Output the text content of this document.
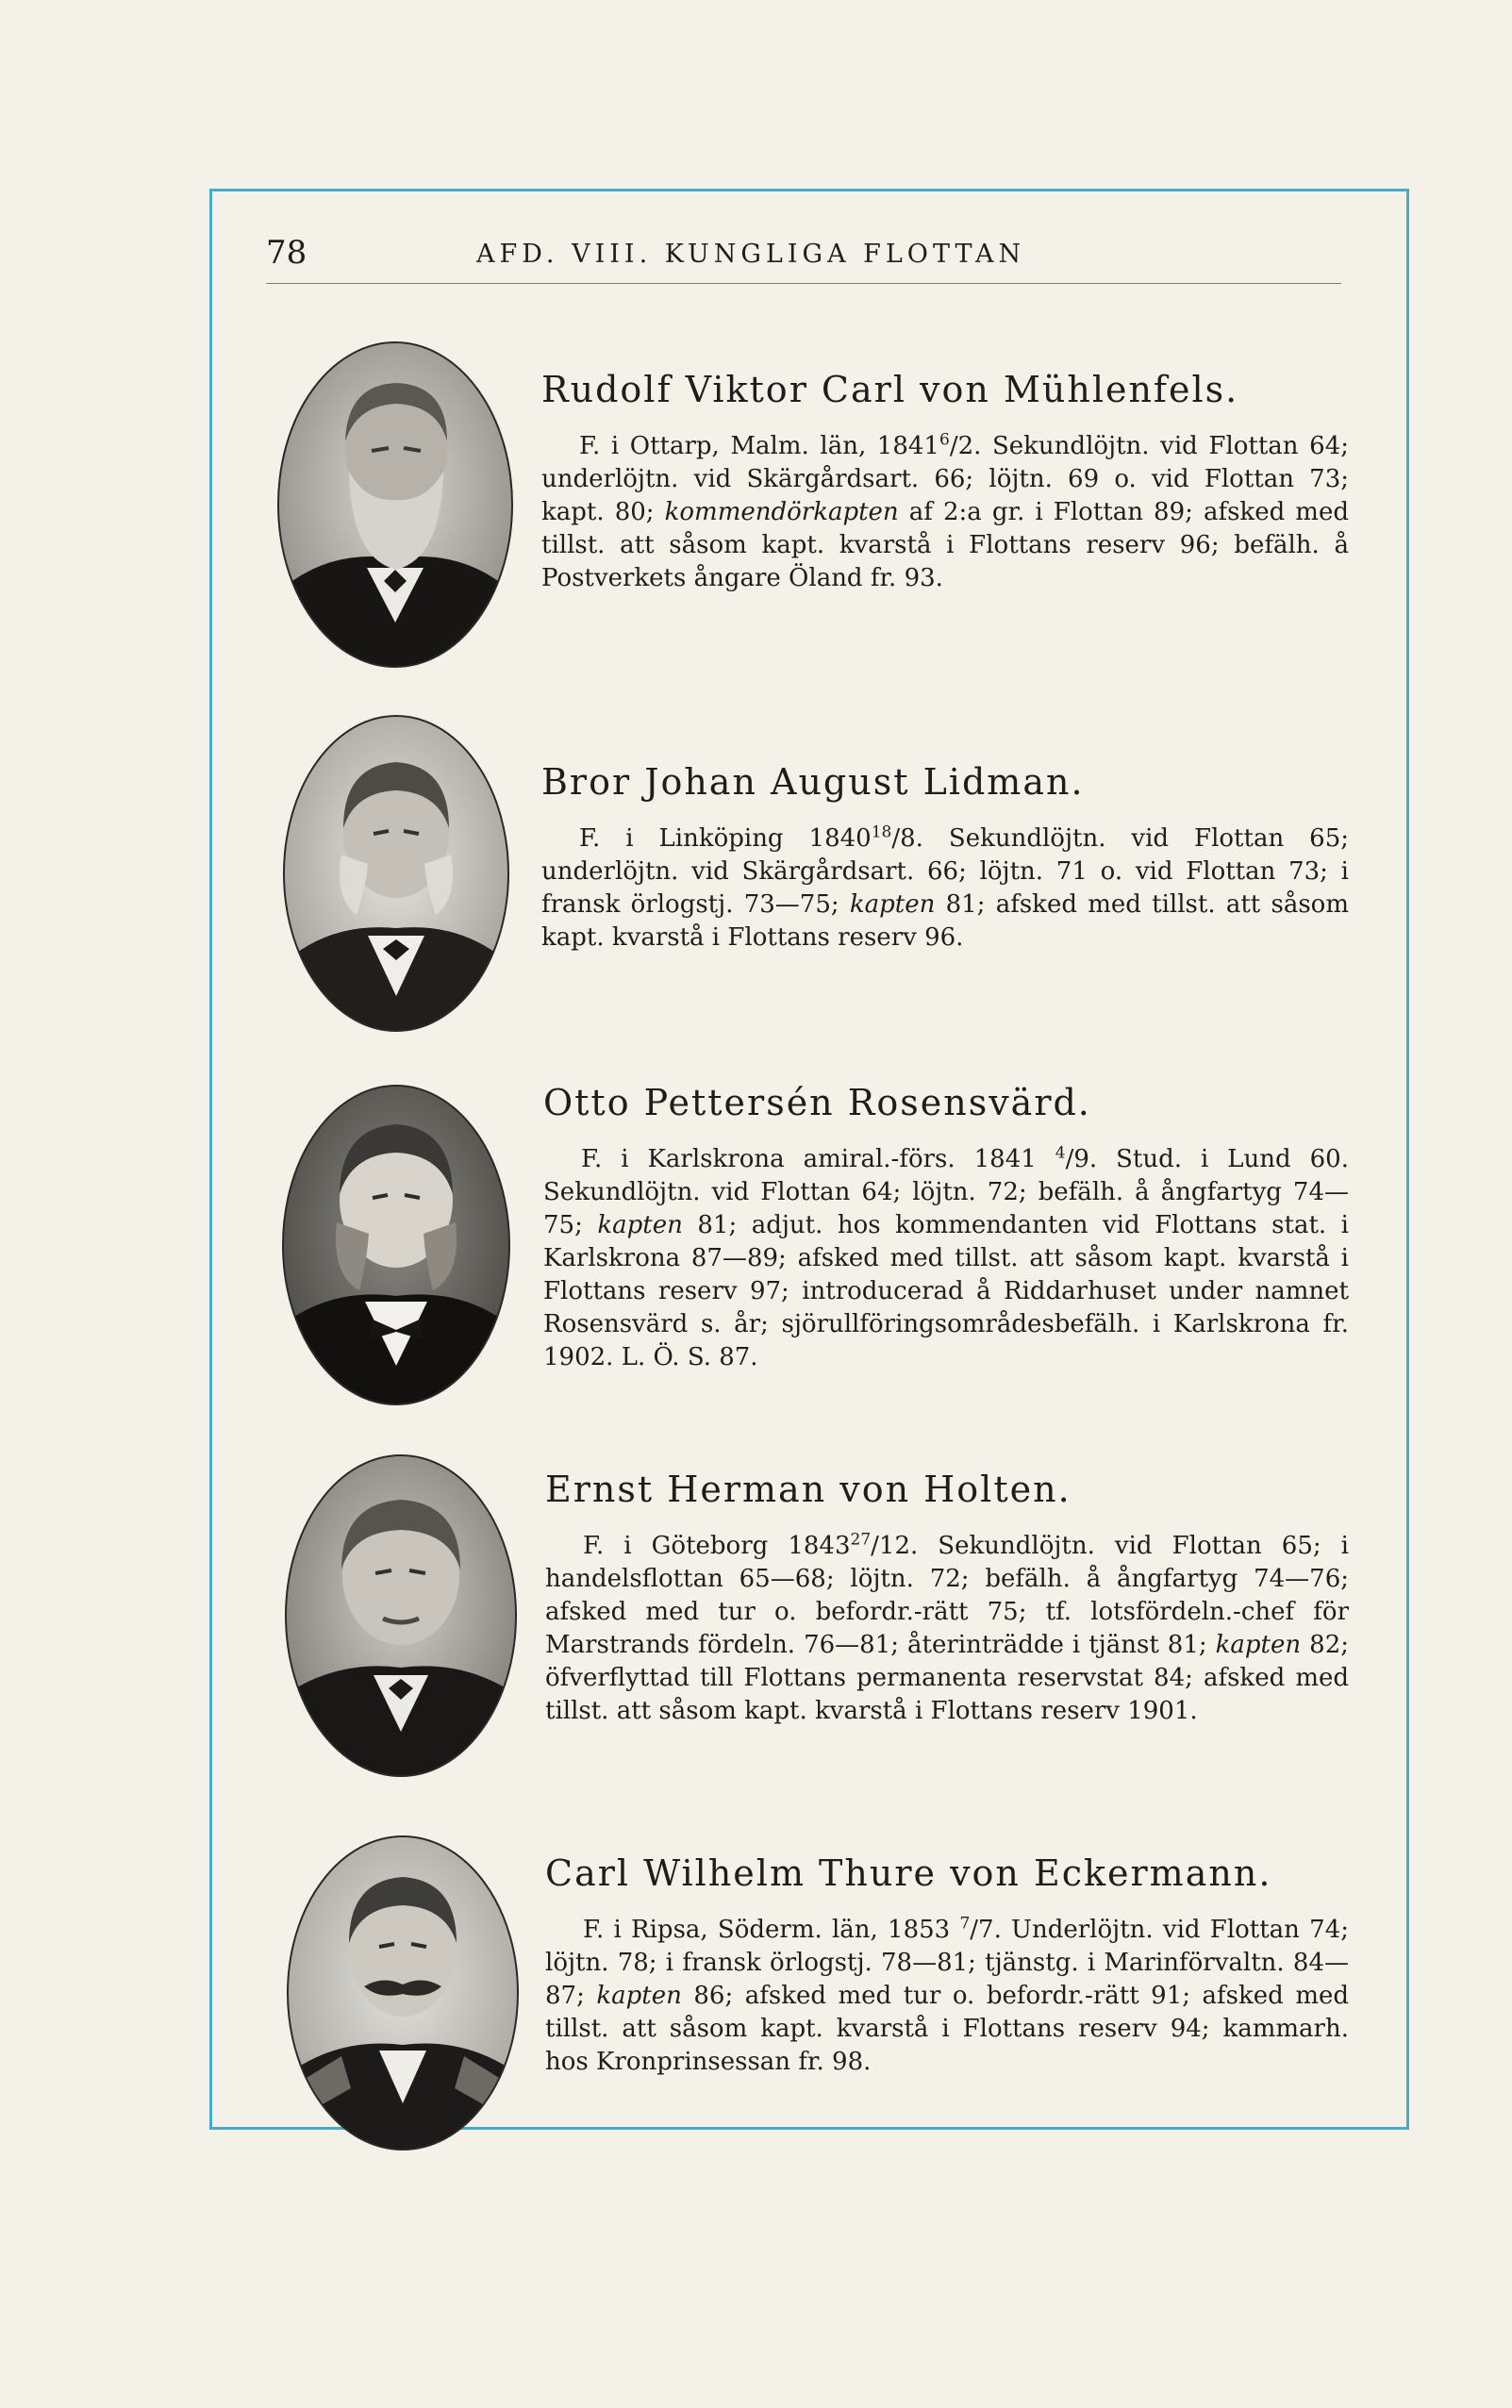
78	AFD. VIII. KUNGLIGA FLOTTAN

Rudolf Viktor Carl von Mühlenfels.

F. i Ottarp, Malm. län, 1841$^6$/2. Sekundlöjtn. vid Flottan 64; underlöjtn. vid Skärgårdsart. 66; löjtn. 69 o. vid Flottan 73; kapt. 80; kommendörkapten af 2:a gr. i Flottan 89; afsked med tillst. att såsom kapt. kvarstå i Flottans reserv 96; befälh. å Postverkets ångare Öland fr. 93.

Bror Johan August Lidman.

F. i Linköping 1840$^{18}$/8. Sekundlöjtn. vid Flottan 65; underlöjtn. vid Skärgårdsart. 66; löjtn. 71 o. vid Flottan 73; i fransk örlogstj. 73—75; kapten 81; afsked med tillst. att såsom kapt. kvarstå i Flottans reserv 96.

Otto Pettersén Rosensvärd.

F. i Karlskrona amiral.-förs. 1841 $^4$/9. Stud. i Lund 60. Sekundlöjtn. vid Flottan 64; löjtn. 72; befälh. å ångfartyg 74—75; kapten 81; adjut. hos kommendanten vid Flottans stat. i Karlskrona 87—89; afsked med tillst. att såsom kapt. kvarstå i Flottans reserv 97; introducerad å Riddarhuset under namnet Rosensvärd s. år; sjörullföringsområdesbefälh. i Karlskrona fr. 1902. L. Ö. S. 87.

Ernst Herman von Holten.

F. i Göteborg 1843$^{27}$/12. Sekundlöjtn. vid Flottan 65; i handelsflottan 65—68; löjtn. 72; befälh. å ångfartyg 74—76; afsked med tur o. befordr.-rätt 75; tf. lotsfördeln.-chef för Marstrands fördeln. 76—81; återinträdde i tjänst 81; kapten 82; öfverflyttad till Flottans permanenta reservstat 84; afsked med tillst. att såsom kapt. kvarstå i Flottans reserv 1901.

Carl Wilhelm Thure von Eckermann.

F. i Ripsa, Söderm. län, 1853 $^7$/7. Underlöjtn. vid Flottan 74; löjtn. 78; i fransk örlogstj. 78—81; tjänstg. i Marinförvaltn. 84—87; kapten 86; afsked med tur o. befordr.-rätt 91; afsked med tillst. att såsom kapt. kvarstå i Flottans reserv 94; kammarh. hos Kronprinsessan fr. 98.
